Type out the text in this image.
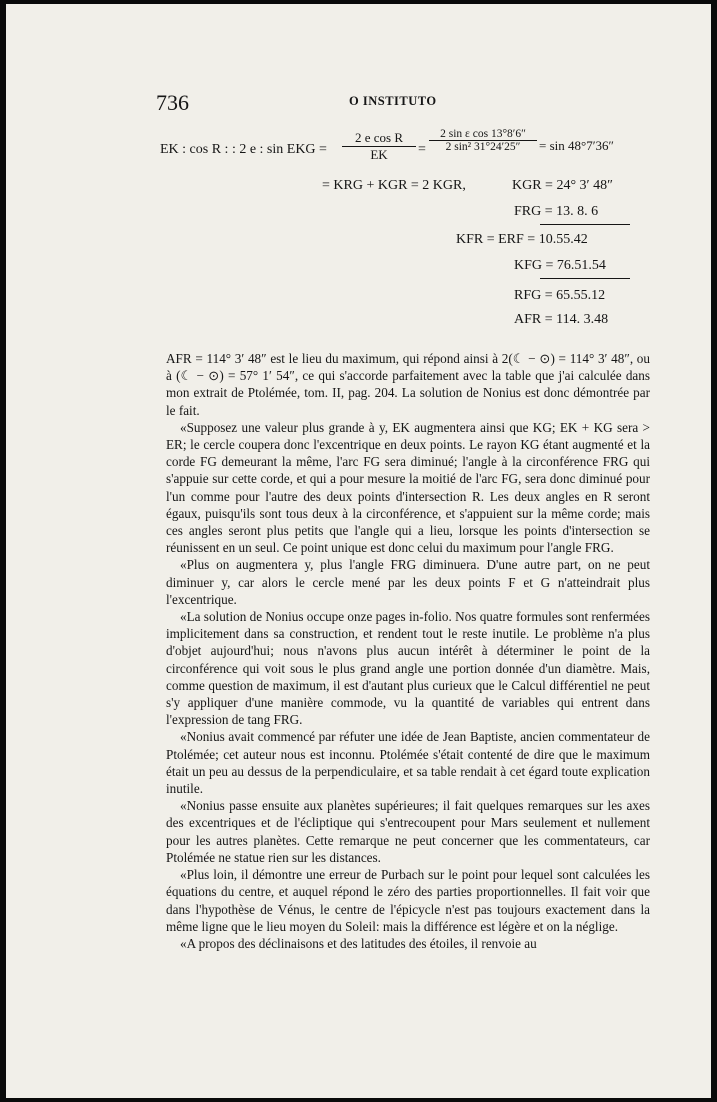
736	O INSTITUTO
EK : cos R : : 2 e : sin EKG = $\frac{\text{2 e cos R}}{EK} = \frac{\text{2 sin ε cos 13°8′6″}}{\text{2 sin² 31°24′25″}} = \sin 48^\circ 7'36''$
= KRG + KGR = 2 KGR,	KGR = 24° 3′ 48″
FRG = 13. 8. 6
KFR = ERF = 10.55.42
KFG = 76.51.54
RFG = 65.55.12
AFR = 114. 3.48

AFR = 114° 3′ 48″ est le lieu du maximum, qui répond ainsi à 2(☾ − ⊙) = 114° 3′ 48″, ou à (☾ − ⊙) = 57° 1′ 54″, ce qui s'accorde parfaitement avec la table que j'ai calculée dans mon extrait de Ptolémée, tom. II, pag. 204. La solution de Nonius est donc démontrée par le fait.

«Supposez une valeur plus grande à y, EK augmentera ainsi que KG; EK + KG sera > ER; le cercle coupera donc l'excentrique en deux points. Le rayon KG étant augmenté et la corde FG demeurant la même, l'arc FG sera diminué; l'angle à la circonférence FRG qui s'appuie sur cette corde, et qui a pour mesure la moitié de l'arc FG, sera donc diminué pour l'un comme pour l'autre des deux points d'intersection R. Les deux angles en R seront égaux, puisqu'ils sont tous deux à la circonférence, et s'appuient sur la même corde; mais ces angles seront plus petits que l'angle qui a lieu, lorsque les points d'intersection se réunissent en un seul. Ce point unique est donc celui du maximum pour l'angle FRG.

«Plus on augmentera y, plus l'angle FRG diminuera. D'une autre part, on ne peut diminuer y, car alors le cercle mené par les deux points F et G n'atteindrait plus l'excentrique.

«La solution de Nonius occupe onze pages in-folio. Nos quatre formules sont renfermées implicitement dans sa construction, et rendent tout le reste inutile. Le problème n'a plus d'objet aujourd'hui; nous n'avons plus aucun intérêt à déterminer le point de la circonférence qui voit sous le plus grand angle une portion donnée d'un diamètre. Mais, comme question de maximum, il est d'autant plus curieux que le Calcul différentiel ne peut s'y appliquer d'une manière commode, vu la quantité de variables qui entrent dans l'expression de tang FRG.

«Nonius avait commencé par réfuter une idée de Jean Baptiste, ancien commentateur de Ptolémée; cet auteur nous est inconnu. Ptolémée s'était contenté de dire que le maximum était un peu au dessus de la perpendiculaire, et sa table rendait à cet égard toute explication inutile.

«Nonius passe ensuite aux planètes supérieures; il fait quelques remarques sur les axes des excentriques et de l'écliptique qui s'entrecoupent pour Mars seulement et nullement pour les autres planètes. Cette remarque ne peut concerner que les commentateurs, car Ptolémée ne statue rien sur les distances.

«Plus loin, il démontre une erreur de Purbach sur le point pour lequel sont calculées les équations du centre, et auquel répond le zéro des parties proportionnelles. Il fait voir que dans l'hypothèse de Vénus, le centre de l'épicycle n'est pas toujours exactement dans la même ligne que le lieu moyen du Soleil: mais la différence est légère et on la néglige.

«A propos des déclinaisons et des latitudes des étoiles, il renvoie au
